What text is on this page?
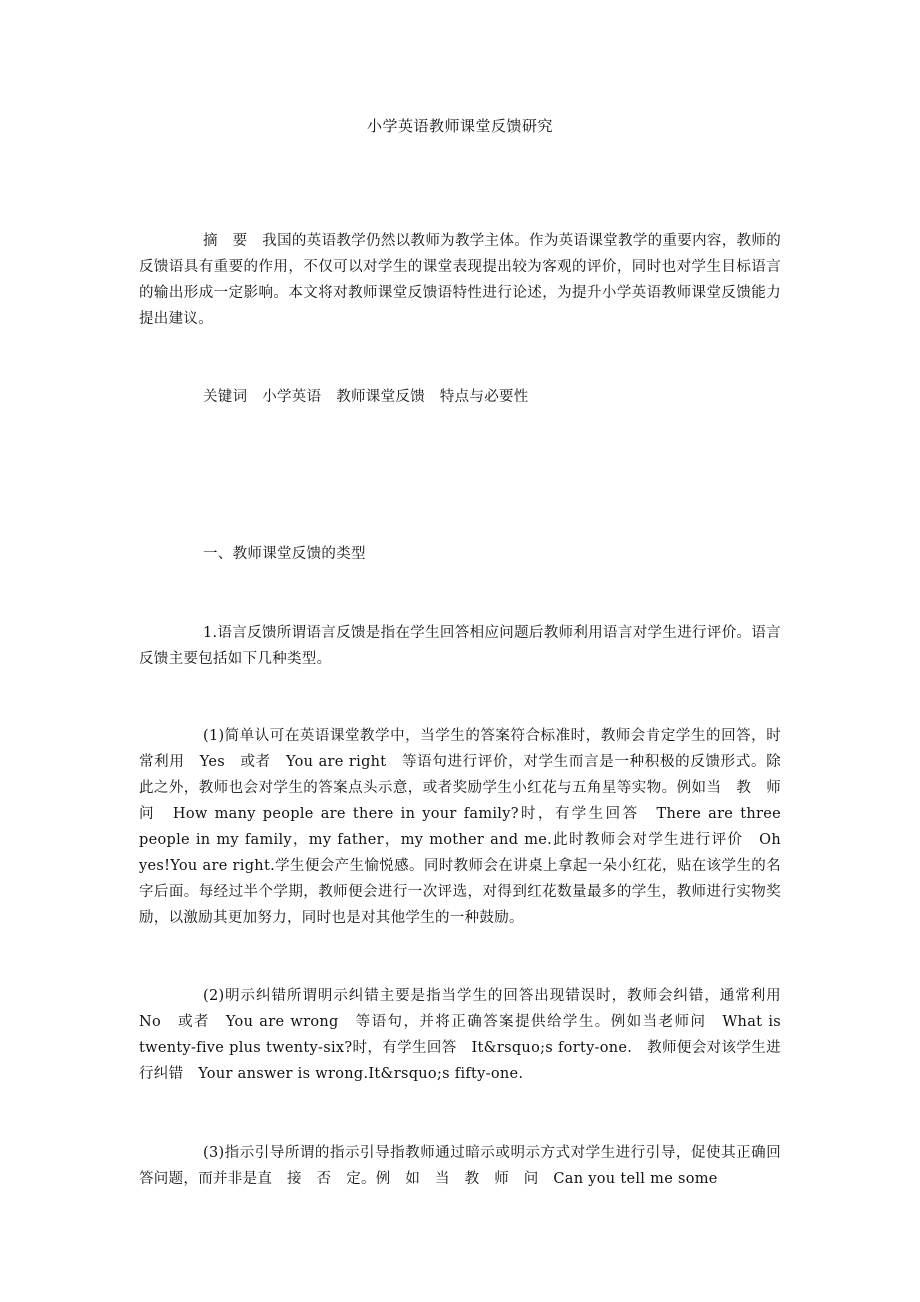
小学英语教师课堂反馈研究
摘　要　我国的英语教学仍然以教师为教学主体。作为英语课堂教学的重要内容，教师的反馈语具有重要的作用，不仅可以对学生的课堂表现提出较为客观的评价，同时也对学生目标语言的输出形成一定影响。本文将对教师课堂反馈语特性进行论述，为提升小学英语教师课堂反馈能力提出建议。
关键词　小学英语　教师课堂反馈　特点与必要性
一、教师课堂反馈的类型
1.语言反馈所谓语言反馈是指在学生回答相应问题后教师利用语言对学生进行评价。语言反馈主要包括如下几种类型。
(1)简单认可在英语课堂教学中，当学生的答案符合标准时，教师会肯定学生的回答，时常利用　Yes　或者　You are right　等语句进行评价，对学生而言是一种积极的反馈形式。除此之外，教师也会对学生的答案点头示意，或者奖励学生小红花与五角星等实物。例如当　教　师　问　How many people are there in your family?时，有学生回答　There are three people in my family，my father，my mother and me.此时教师会对学生进行评价　Oh yes!You are right.学生便会产生愉悦感。同时教师会在讲桌上拿起一朵小红花，贴在该学生的名字后面。每经过半个学期，教师便会进行一次评选，对得到红花数量最多的学生，教师进行实物奖励，以激励其更加努力，同时也是对其他学生的一种鼓励。
(2)明示纠错所谓明示纠错主要是指当学生的回答出现错误时，教师会纠错，通常利用　No　或者　You are wrong　等语句，并将正确答案提供给学生。例如当老师问　What is twenty-five plus twenty-six?时，有学生回答　It&rsquo;s forty-one.　教师便会对该学生进行纠错　Your answer is wrong.It&rsquo;s fifty-one.
(3)指示引导所谓的指示引导指教师通过暗示或明示方式对学生进行引导，促使其正确回答问题，而并非是直　接　否　定。例　如　当　教　师　问　Can you tell me some
